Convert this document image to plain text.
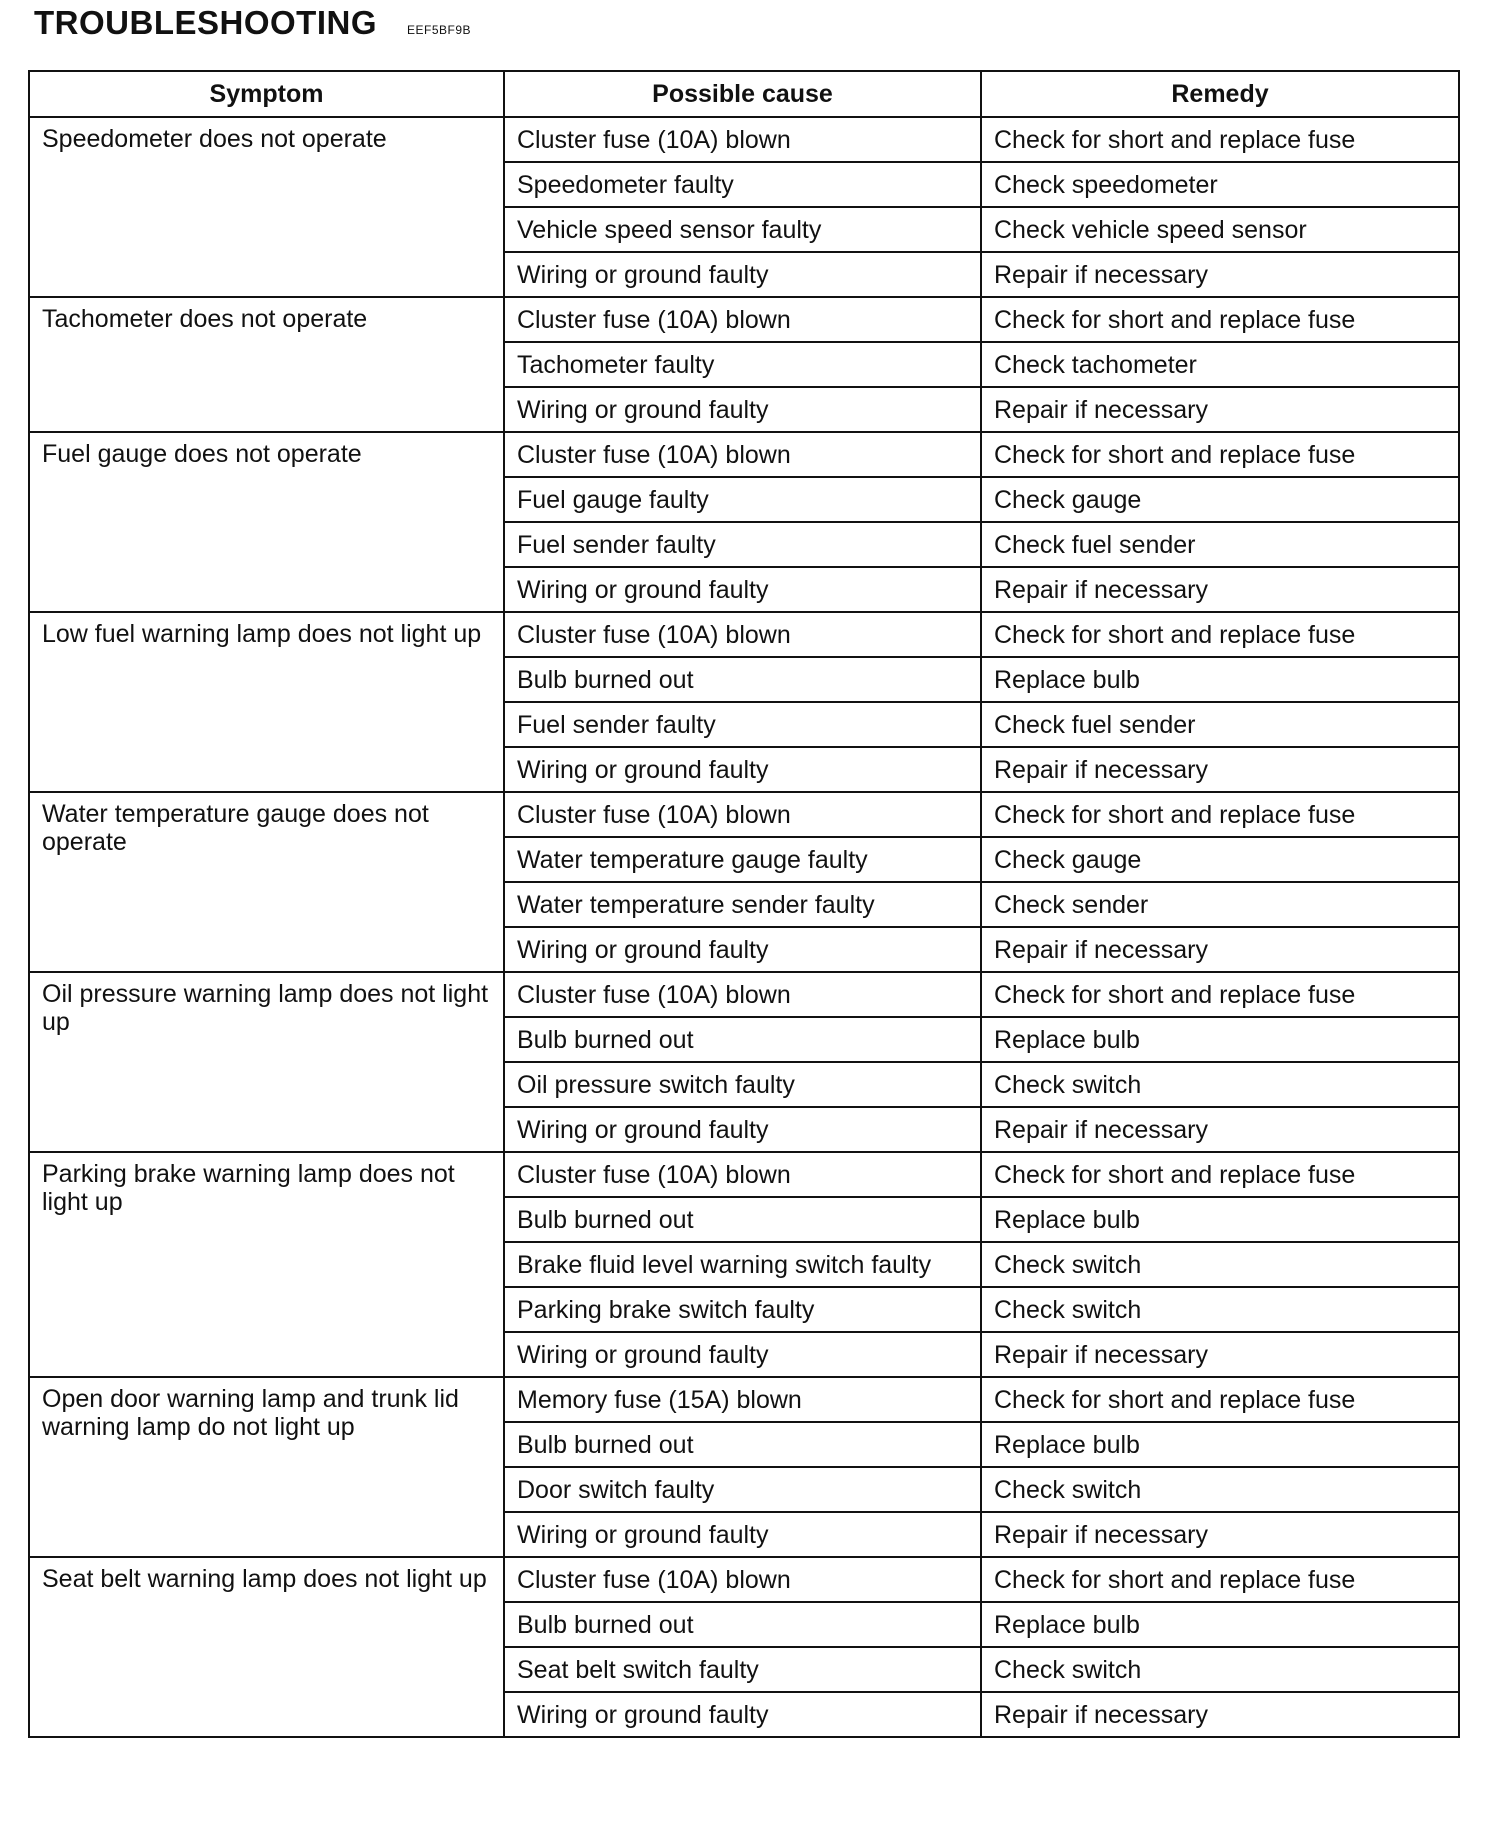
TROUBLESHOOTING	EEF5BF9B
Symptom	Possible cause	Remedy
Speedometer does not operate	Cluster fuse (10A) blown	Check for short and replace fuse
	Speedometer faulty	Check speedometer
	Vehicle speed sensor faulty	Check vehicle speed sensor
	Wiring or ground faulty	Repair if necessary
Tachometer does not operate	Cluster fuse (10A) blown	Check for short and replace fuse
	Tachometer faulty	Check tachometer
	Wiring or ground faulty	Repair if necessary
Fuel gauge does not operate	Cluster fuse (10A) blown	Check for short and replace fuse
	Fuel gauge faulty	Check gauge
	Fuel sender faulty	Check fuel sender
	Wiring or ground faulty	Repair if necessary
Low fuel warning lamp does not light up	Cluster fuse (10A) blown	Check for short and replace fuse
	Bulb burned out	Replace bulb
	Fuel sender faulty	Check fuel sender
	Wiring or ground faulty	Repair if necessary
Water temperature gauge does not operate	Cluster fuse (10A) blown	Check for short and replace fuse
	Water temperature gauge faulty	Check gauge
	Water temperature sender faulty	Check sender
	Wiring or ground faulty	Repair if necessary
Oil pressure warning lamp does not light up	Cluster fuse (10A) blown	Check for short and replace fuse
	Bulb burned out	Replace bulb
	Oil pressure switch faulty	Check switch
	Wiring or ground faulty	Repair if necessary
Parking brake warning lamp does not light up	Cluster fuse (10A) blown	Check for short and replace fuse
	Bulb burned out	Replace bulb
	Brake fluid level warning switch faulty	Check switch
	Parking brake switch faulty	Check switch
	Wiring or ground faulty	Repair if necessary
Open door warning lamp and trunk lid warning lamp do not light up	Memory fuse (15A) blown	Check for short and replace fuse
	Bulb burned out	Replace bulb
	Door switch faulty	Check switch
	Wiring or ground faulty	Repair if necessary
Seat belt warning lamp does not light up	Cluster fuse (10A) blown	Check for short and replace fuse
	Bulb burned out	Replace bulb
	Seat belt switch faulty	Check switch
	Wiring or ground faulty	Repair if necessary
